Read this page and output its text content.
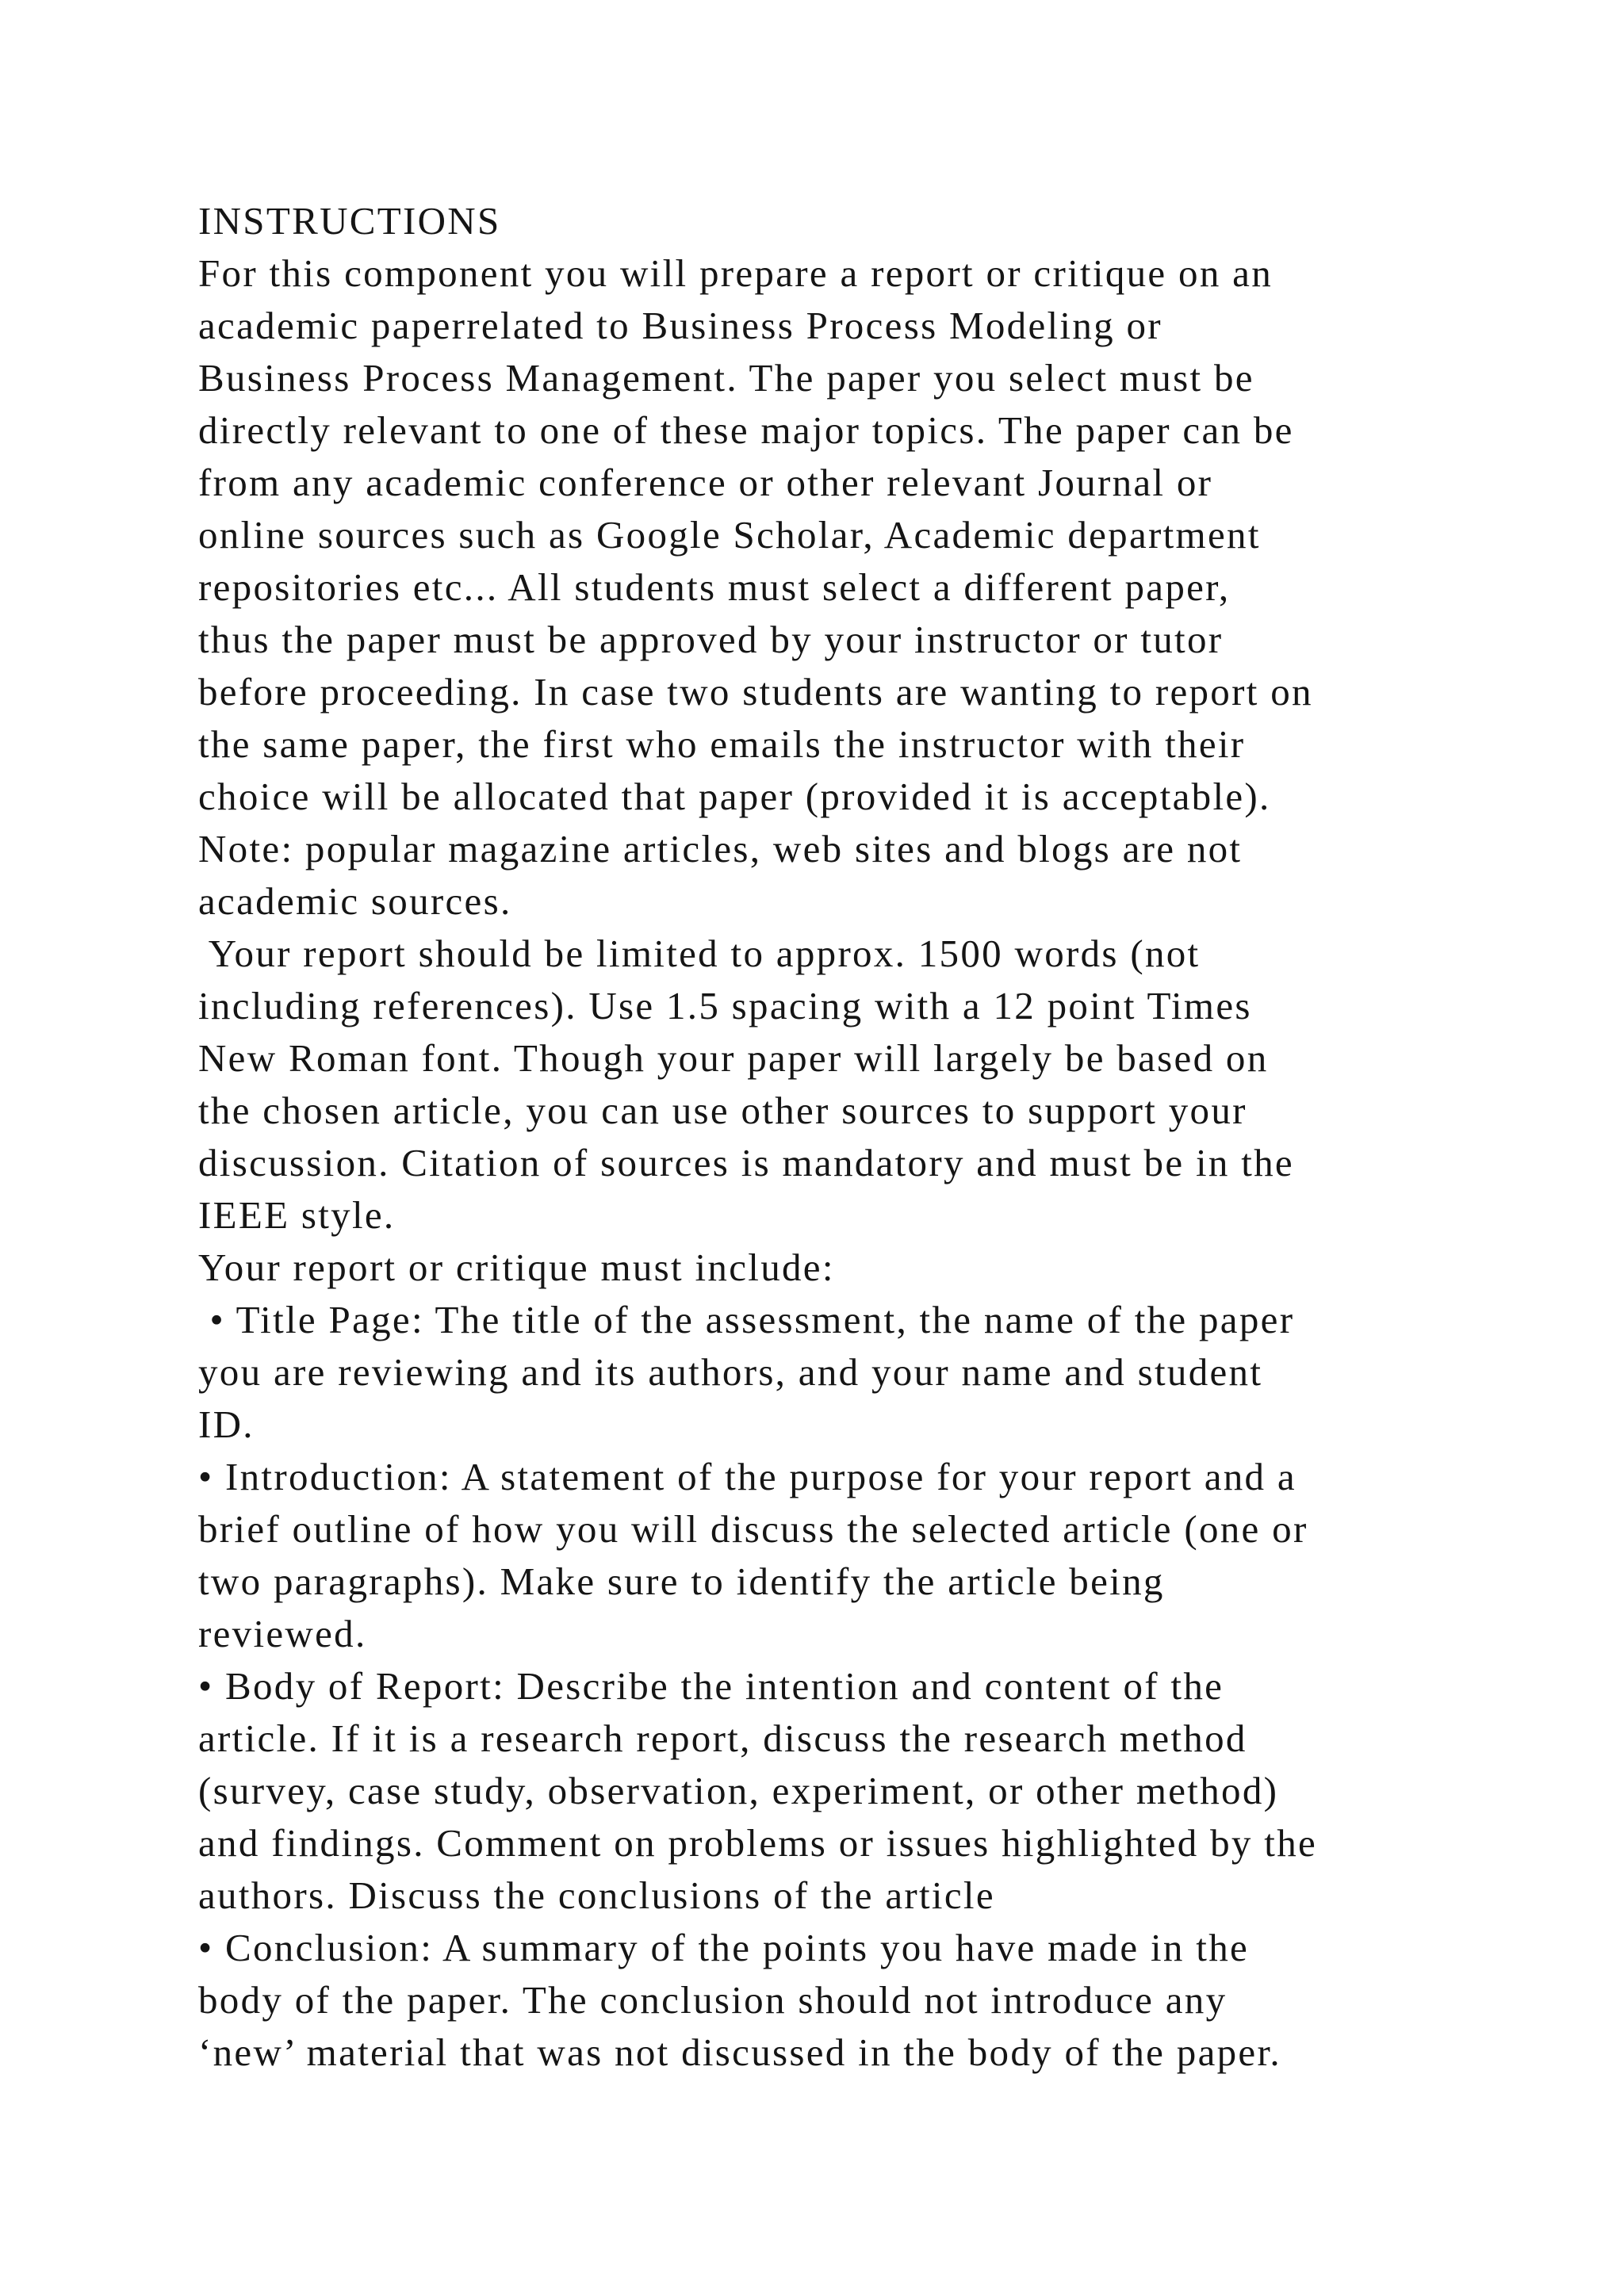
INSTRUCTIONS
For this component you will prepare a report or critique on an
academic paperrelated to Business Process Modeling or
Business Process Management. The paper you select must be
directly relevant to one of these major topics. The paper can be
from any academic conference or other relevant Journal or
online sources such as Google Scholar, Academic department
repositories etc... All students must select a different paper,
thus the paper must be approved by your instructor or tutor
before proceeding. In case two students are wanting to report on
the same paper, the first who emails the instructor with their
choice will be allocated that paper (provided it is acceptable).
Note: popular magazine articles, web sites and blogs are not
academic sources.
Your report should be limited to approx. 1500 words (not
including references). Use 1.5 spacing with a 12 point Times
New Roman font. Though your paper will largely be based on
the chosen article, you can use other sources to support your
discussion. Citation of sources is mandatory and must be in the
IEEE style.
Your report or critique must include:
• Title Page: The title of the assessment, the name of the paper
you are reviewing and its authors, and your name and student
ID.
• Introduction: A statement of the purpose for your report and a
brief outline of how you will discuss the selected article (one or
two paragraphs). Make sure to identify the article being
reviewed.
• Body of Report: Describe the intention and content of the
article. If it is a research report, discuss the research method
(survey, case study, observation, experiment, or other method)
and findings. Comment on problems or issues highlighted by the
authors. Discuss the conclusions of the article
• Conclusion: A summary of the points you have made in the
body of the paper. The conclusion should not introduce any
‘new’ material that was not discussed in the body of the paper.
